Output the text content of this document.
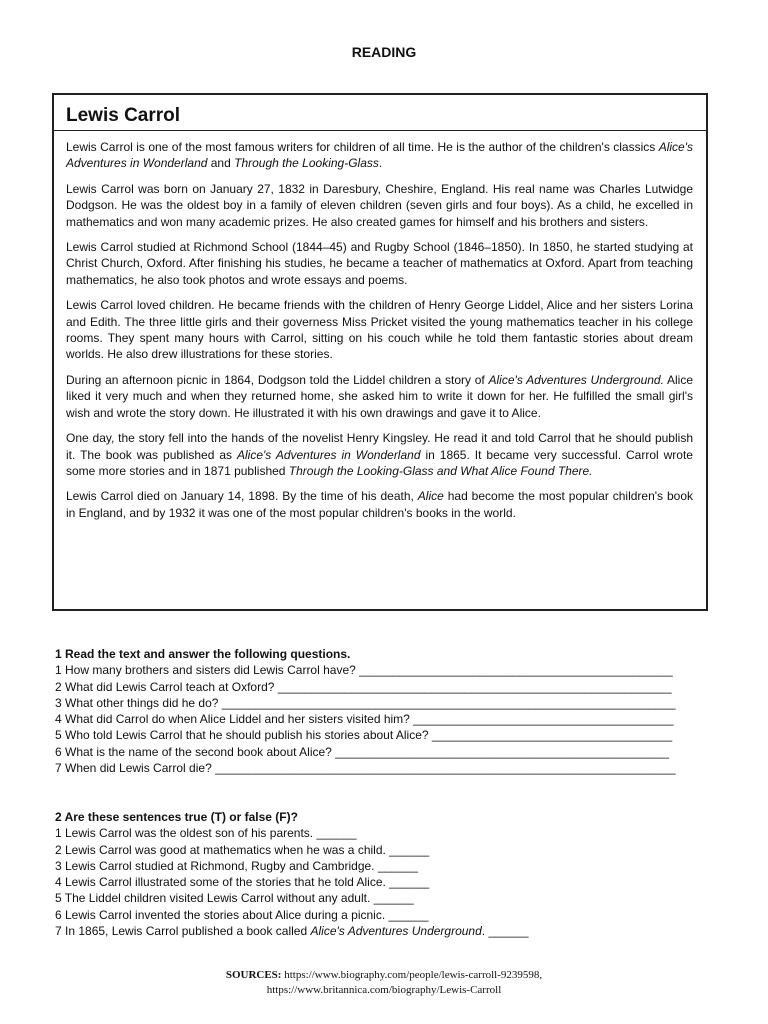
READING
Lewis Carrol

Lewis Carrol is one of the most famous writers for children of all time. He is the author of the children's classics Alice's Adventures in Wonderland and Through the Looking-Glass.

Lewis Carrol was born on January 27, 1832 in Daresbury, Cheshire, England. His real name was Charles Lutwidge Dodgson. He was the oldest boy in a family of eleven children (seven girls and four boys). As a child, he excelled in mathematics and won many academic prizes. He also created games for himself and his brothers and sisters.

Lewis Carrol studied at Richmond School (1844–45) and Rugby School (1846–1850). In 1850, he started studying at Christ Church, Oxford. After finishing his studies, he became a teacher of mathematics at Oxford. Apart from teaching mathematics, he also took photos and wrote essays and poems.

Lewis Carrol loved children. He became friends with the children of Henry George Liddel, Alice and her sisters Lorina and Edith. The three little girls and their governess Miss Pricket visited the young mathematics teacher in his college rooms. They spent many hours with Carrol, sitting on his couch while he told them fantastic stories about dream worlds. He also drew illustrations for these stories.

During an afternoon picnic in 1864, Dodgson told the Liddel children a story of Alice's Adventures Underground. Alice liked it very much and when they returned home, she asked him to write it down for her. He fulfilled the small girl's wish and wrote the story down. He illustrated it with his own drawings and gave it to Alice.

One day, the story fell into the hands of the novelist Henry Kingsley. He read it and told Carrol that he should publish it. The book was published as Alice's Adventures in Wonderland in 1865. It became very successful. Carrol wrote some more stories and in 1871 published Through the Looking-Glass and What Alice Found There.

Lewis Carrol died on January 14, 1898. By the time of his death, Alice had become the most popular children's book in England, and by 1932 it was one of the most popular children's books in the world.

1 Read the text and answer the following questions.
1 How many brothers and sisters did Lewis Carrol have? _______________________________________________
2 What did Lewis Carrol teach at Oxford? ___________________________________________________________
3 What other things did he do? ____________________________________________________________________
4 What did Carrol do when Alice Liddel and her sisters visited him? _______________________________________
5 Who told Lewis Carrol that he should publish his stories about Alice? ____________________________________
6 What is the name of the second book about Alice? __________________________________________________
7 When did Lewis Carrol die? _____________________________________________________________________
2 Are these sentences true (T) or false (F)?
1 Lewis Carrol was the oldest son of his parents. ______
2 Lewis Carrol was good at mathematics when he was a child. ______
3 Lewis Carrol studied at Richmond, Rugby and Cambridge. ______
4 Lewis Carrol illustrated some of the stories that he told Alice. ______
5 The Liddel children visited Lewis Carrol without any adult. ______
6 Lewis Carrol invented the stories about Alice during a picnic. ______
7 In 1865, Lewis Carrol published a book called Alice's Adventures Underground. ______
SOURCES: https://www.biography.com/people/lewis-carroll-9239598,
https://www.britannica.com/biography/Lewis-Carroll
